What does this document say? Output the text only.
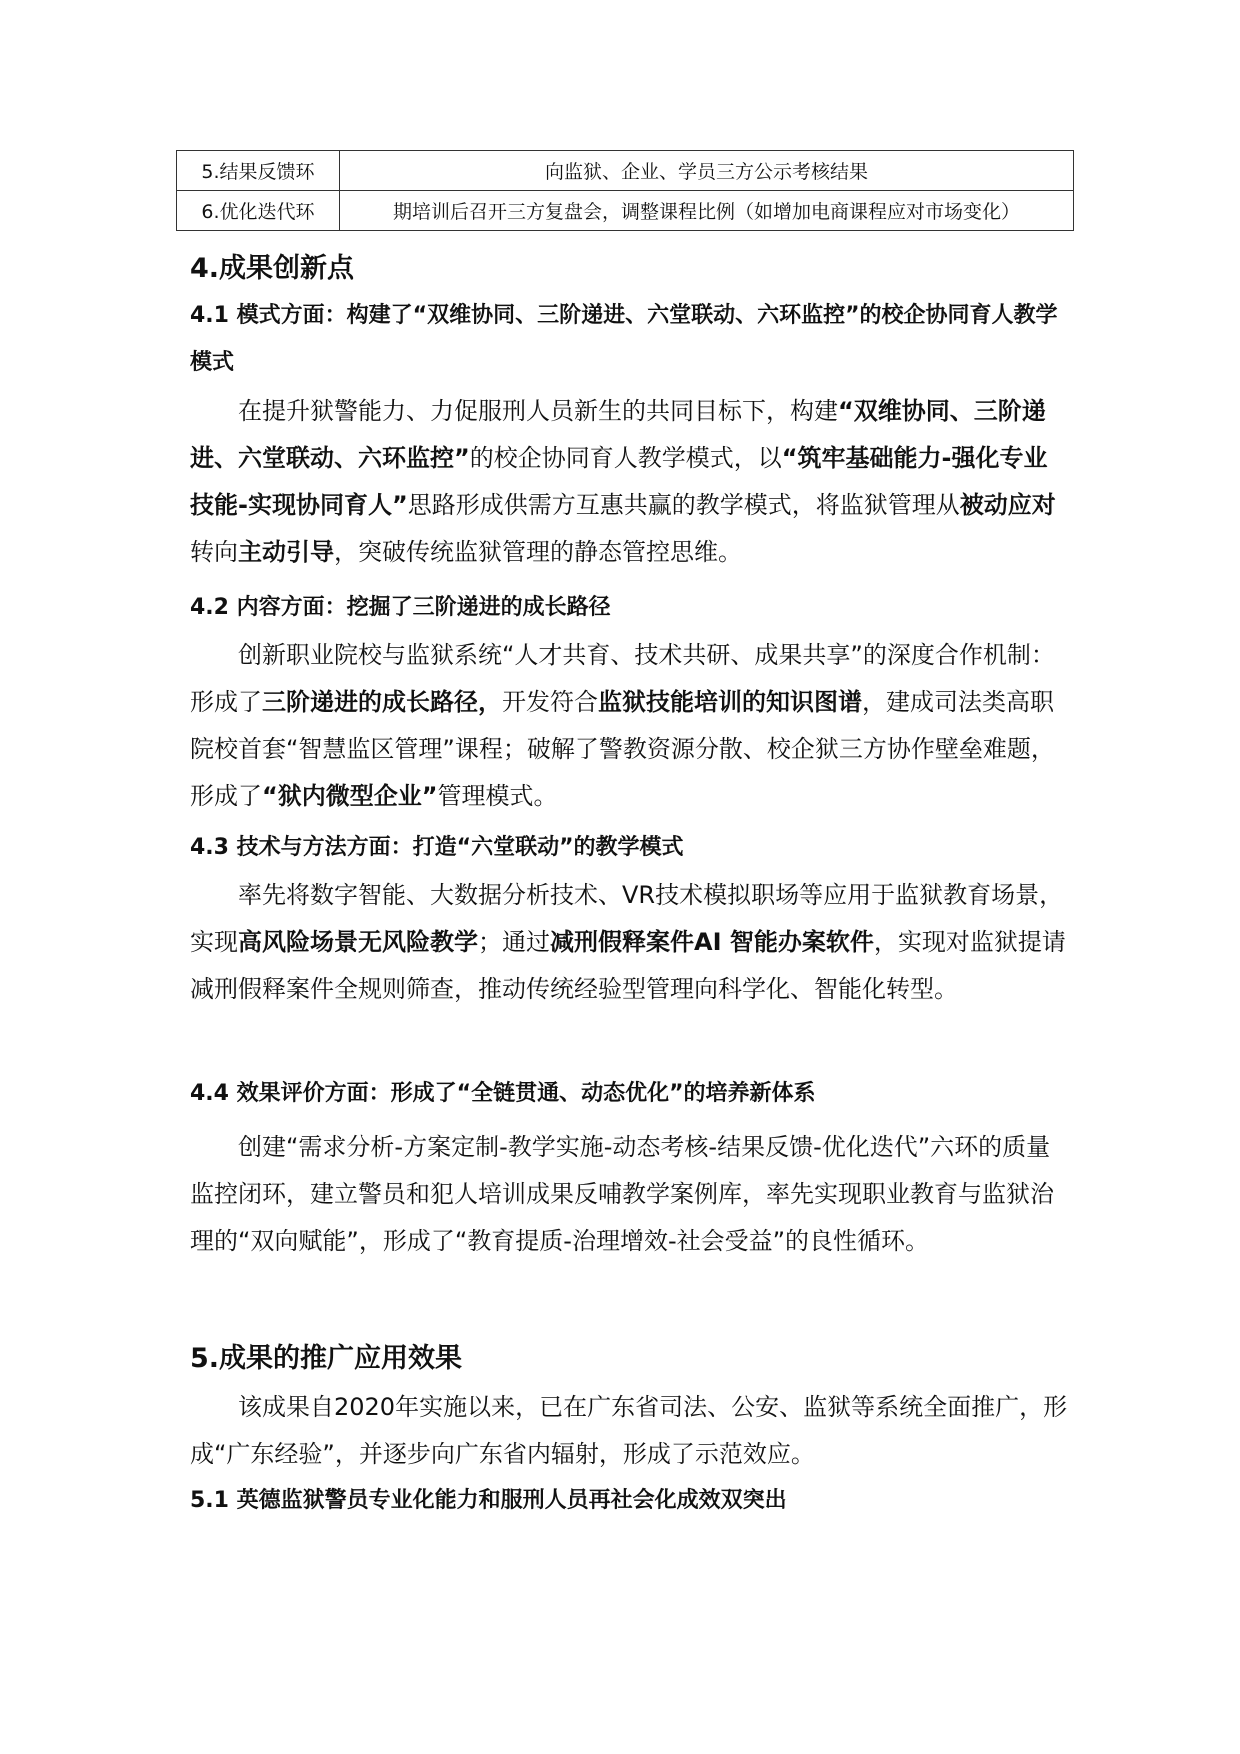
5.结果反馈环	向监狱、企业、学员三方公示考核结果
6.优化迭代环	期培训后召开三方复盘会，调整课程比例（如增加电商课程应对市场变化）
4.成果创新点
4.1 模式方面：构建了“双维协同、三阶递进、六堂联动、六环监控”的校企协同育人教学模式

在提升狱警能力、力促服刑人员新生的共同目标下，构建“双维协同、三阶递进、六堂联动、六环监控”的校企协同育人教学模式，以“筑牢基础能力-强化专业技能-实现协同育人”思路形成供需方互惠共赢的教学模式，将监狱管理从被动应对转向主动引导，突破传统监狱管理的静态管控思维。

4.2 内容方面：挖掘了三阶递进的成长路径

创新职业院校与监狱系统“人才共育、技术共研、成果共享”的深度合作机制：形成了三阶递进的成长路径，开发符合监狱技能培训的知识图谱，建成司法类高职院校首套“智慧监区管理”课程；破解了警教资源分散、校企狱三方协作壁垒难题，形成了“狱内微型企业”管理模式。

4.3 技术与方法方面：打造“六堂联动”的教学模式

率先将数字智能、大数据分析技术、VR技术模拟职场等应用于监狱教育场景，实现高风险场景无风险教学；通过减刑假释案件AI 智能办案软件，实现对监狱提请减刑假释案件全规则筛查，推动传统经验型管理向科学化、智能化转型。

4.4 效果评价方面：形成了“全链贯通、动态优化”的培养新体系

创建“需求分析-方案定制-教学实施-动态考核-结果反馈-优化迭代”六环的质量监控闭环，建立警员和犯人培训成果反哺教学案例库，率先实现职业教育与监狱治理的“双向赋能”，形成了“教育提质-治理增效-社会受益”的良性循环。

5.成果的推广应用效果

该成果自2020年实施以来，已在广东省司法、公安、监狱等系统全面推广，形成“广东经验”，并逐步向广东省内辐射，形成了示范效应。

5.1 英德监狱警员专业化能力和服刑人员再社会化成效双突出
